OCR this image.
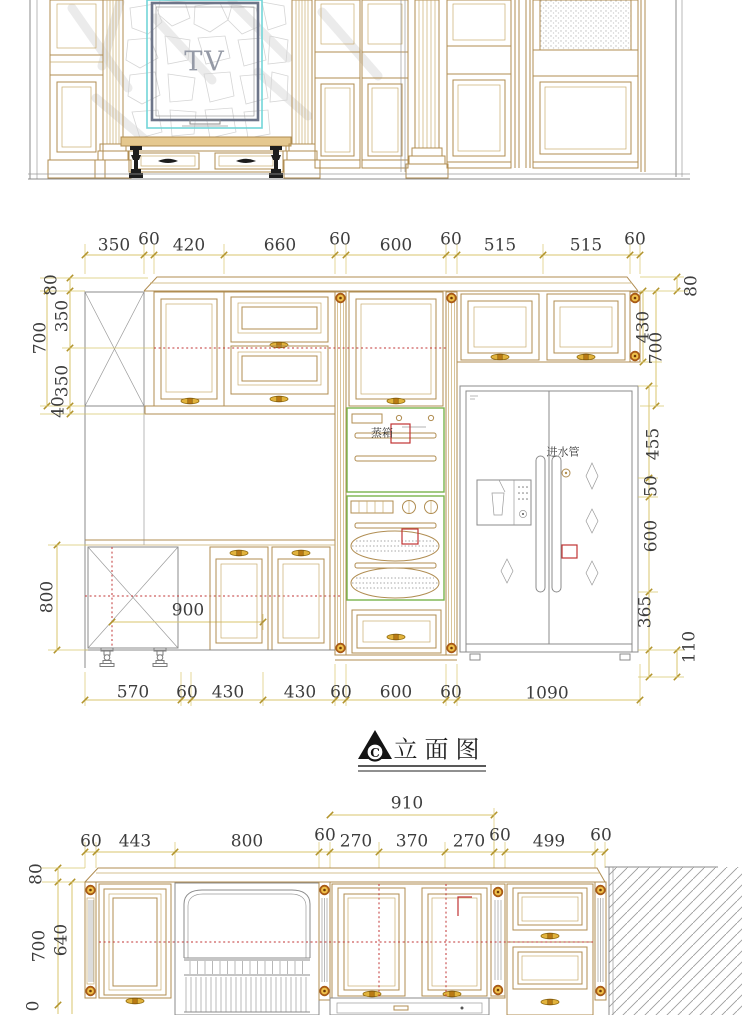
TV
350 60 420	660 60 600 60 515	515 60
80
350
700
350
40
800
80
430
700
455
50
600
365
110
570 60 430 430 60 600 60	1090
900
蒸箱
进水管
C 立面图
910
60 443	800	60 270 370 270 60 499 60
80
700 640
0
